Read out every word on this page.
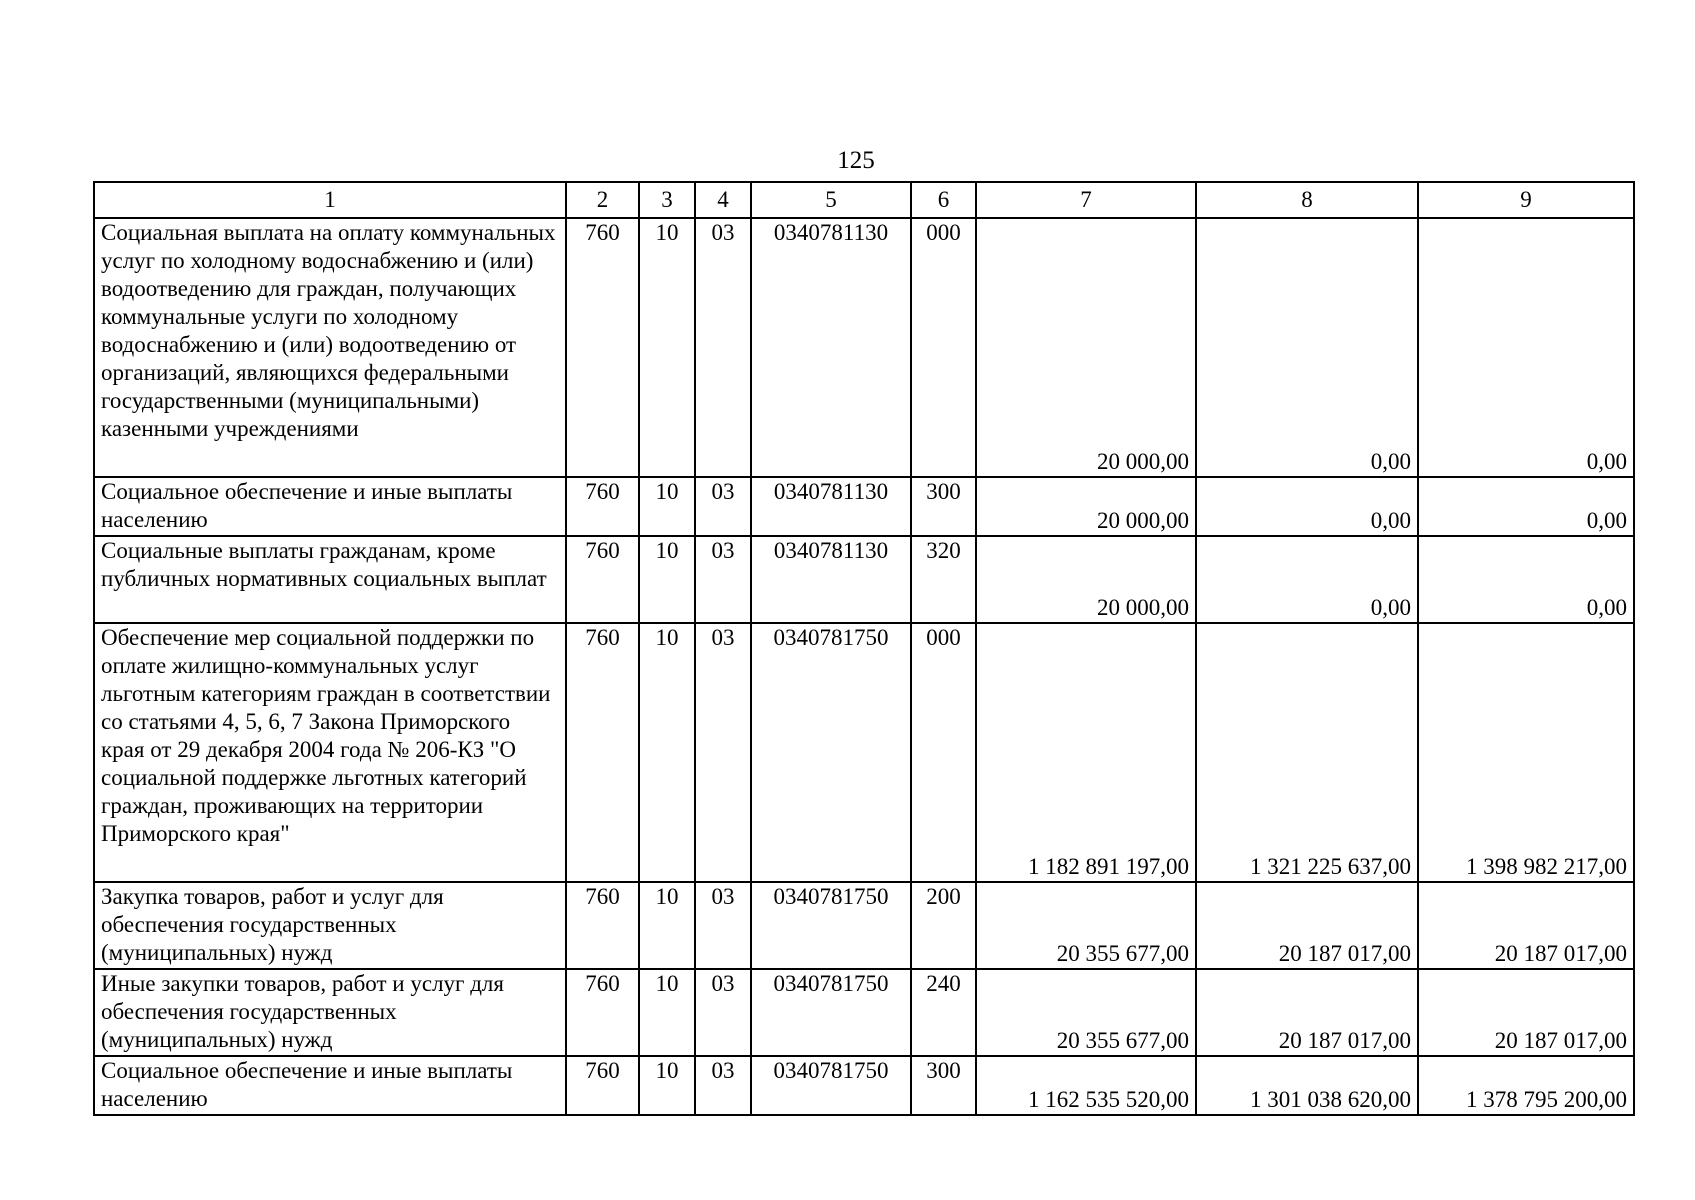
125
1	2	3	4	5	6	7	8	9
Социальная выплата на оплату коммунальных услуг по холодному водоснабжению и (или) водоотведению для граждан, получающих коммунальные услуги по холодному водоснабжению и (или) водоотведению от организаций, являющихся федеральными государственными (муниципальными) казенными учреждениями	760	10	03	0340781130	000	20 000,00	0,00	0,00
Социальное обеспечение и иные выплаты населению	760	10	03	0340781130	300	20 000,00	0,00	0,00
Социальные выплаты гражданам, кроме публичных нормативных социальных выплат	760	10	03	0340781130	320	20 000,00	0,00	0,00
Обеспечение мер социальной поддержки по оплате жилищно-коммунальных услуг льготным категориям граждан в соответствии со статьями 4, 5, 6, 7 Закона Приморского края от 29 декабря 2004 года № 206-КЗ "О социальной поддержке льготных категорий граждан, проживающих на территории Приморского края"	760	10	03	0340781750	000	1 182 891 197,00	1 321 225 637,00	1 398 982 217,00
Закупка товаров, работ и услуг для обеспечения государственных (муниципальных) нужд	760	10	03	0340781750	200	20 355 677,00	20 187 017,00	20 187 017,00
Иные закупки товаров, работ и услуг для обеспечения государственных (муниципальных) нужд	760	10	03	0340781750	240	20 355 677,00	20 187 017,00	20 187 017,00
Социальное обеспечение и иные выплаты населению	760	10	03	0340781750	300	1 162 535 520,00	1 301 038 620,00	1 378 795 200,00
